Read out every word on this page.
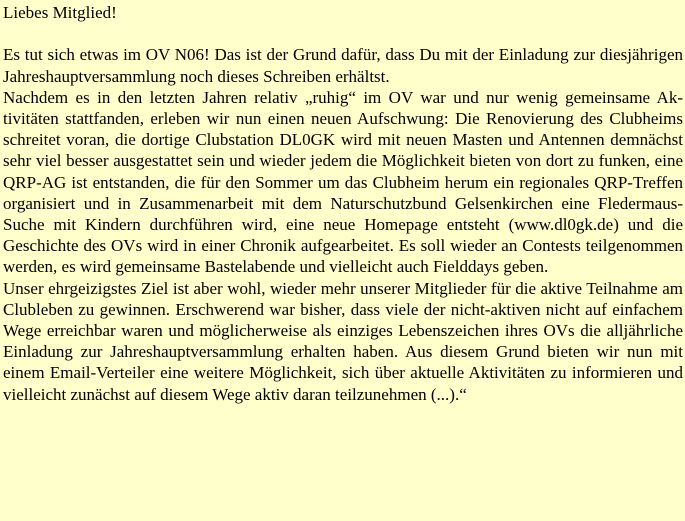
Liebes Mitglied!

Es tut sich etwas im OV N06! Das ist der Grund dafür, dass Du mit der Einladung zur diesjährigen Jahreshauptversammlung noch dieses Schreiben erhältst.

Nachdem es in den letzten Jahren relativ „ruhig“ im OV war und nur wenig gemeinsame Aktivitäten stattfanden, erleben wir nun einen neuen Aufschwung: Die Renovierung des Clubheims schreitet voran, die dortige Clubstation DL0GK wird mit neuen Masten und Antennen demnächst sehr viel besser ausgestattet sein und wieder jedem die Möglichkeit bieten von dort zu funken, eine QRP-AG ist entstanden, die für den Sommer um das Clubheim herum ein regionales QRP-Treffen organisiert und in Zusammenarbeit mit dem Naturschutzbund Gelsenkirchen eine Fledermaus-Suche mit Kindern durchführen wird, eine neue Homepage entsteht (www.dl0gk.de) und die Geschichte des OVs wird in einer Chronik aufgearbeitet. Es soll wieder an Contests teilgenommen werden, es wird gemeinsame Bastelabende und vielleicht auch Fielddays geben.

Unser ehrgeizigstes Ziel ist aber wohl, wieder mehr unserer Mitglieder für die aktive Teilnahme am Clubleben zu gewinnen. Erschwerend war bisher, dass viele der nicht-aktiven nicht auf einfachem Wege erreichbar waren und möglicherweise als einziges Lebenszeichen ihres OVs die alljährliche Einladung zur Jahreshauptversammlung erhalten haben. Aus diesem Grund bieten wir nun mit einem Email-Verteiler eine weitere Möglichkeit, sich über aktuelle Aktivitäten zu informieren und vielleicht zunächst auf diesem Wege aktiv daran teilzunehmen (...).“
